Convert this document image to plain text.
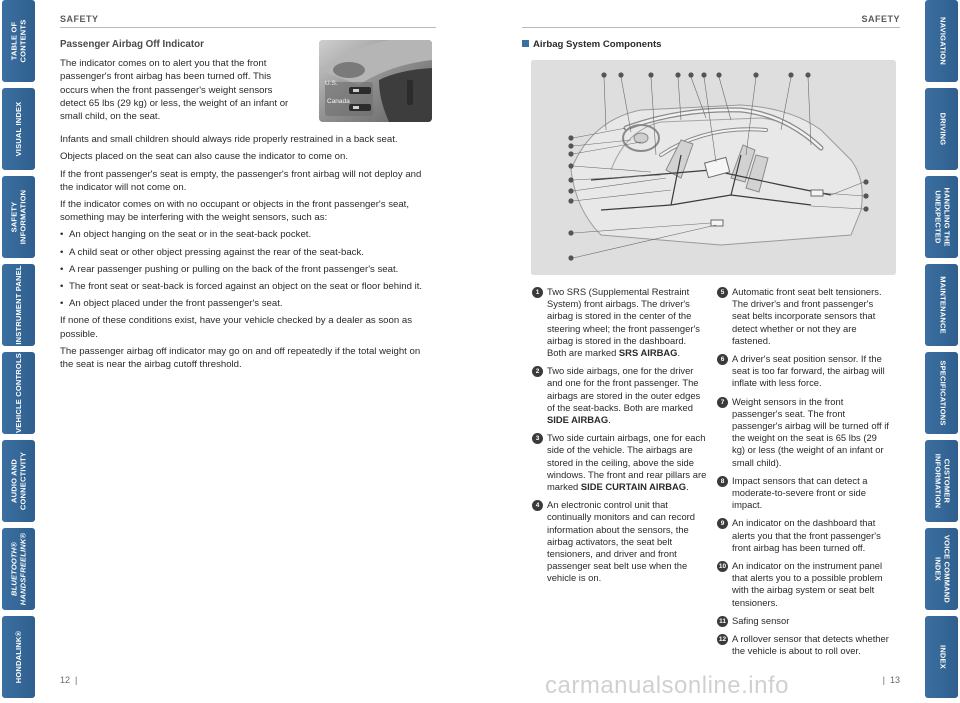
TABLE OF CONTENTS
VISUAL INDEX
SAFETY INFORMATION
INSTRUMENT PANEL
VEHICLE CONTROLS
AUDIO AND CONNECTIVITY
BLUETOOTH® HANDSFREELINK®
HONDALINK®
NAVIGATION
DRIVING
HANDLING THE UNEXPECTED
MAINTENANCE
SPECIFICATIONS
CUSTOMER INFORMATION
VOICE COMMAND INDEX
INDEX
SAFETY	SAFETY
Passenger Airbag Off Indicator
The indicator comes on to alert you that the front passenger's front airbag has been turned off. This occurs when the front passenger's weight sensors detect 65 lbs (29 kg) or less, the weight of an infant or small child, on the seat.

Infants and small children should always ride properly restrained in a back seat.

Objects placed on the seat can also cause the indicator to come on.

If the front passenger's seat is empty, the passenger's front airbag will not deploy and the indicator will not come on.

If the indicator comes on with no occupant or objects in the front passenger's seat, something may be interfering with the weight sensors, such as:

• An object hanging on the seat or in the seat-back pocket.
• A child seat or other object pressing against the rear of the seat-back.
• A rear passenger pushing or pulling on the back of the front passenger's seat.
• The front seat or seat-back is forced against an object on the seat or floor behind it.
• An object placed under the front passenger's seat.

If none of these conditions exist, have your vehicle checked by a dealer as soon as possible.

The passenger airbag off indicator may go on and off repeatedly if the total weight on the seat is near the airbag cutoff threshold.

U.S.
Canada
Airbag System Components
1 Two SRS (Supplemental Restraint System) front airbags. The driver's airbag is stored in the center of the steering wheel; the front passenger's airbag is stored in the dashboard. Both are marked SRS AIRBAG.
2 Two side airbags, one for the driver and one for the front passenger. The airbags are stored in the outer edges of the seat-backs. Both are marked SIDE AIRBAG.
3 Two side curtain airbags, one for each side of the vehicle. The airbags are stored in the ceiling, above the side windows. The front and rear pillars are marked SIDE CURTAIN AIRBAG.
4 An electronic control unit that continually monitors and can record information about the sensors, the airbag activators, the seat belt tensioners, and driver and front passenger seat belt use when the vehicle is on.
5 Automatic front seat belt tensioners. The driver's and front passenger's seat belts incorporate sensors that detect whether or not they are fastened.
6 A driver's seat position sensor. If the seat is too far forward, the airbag will inflate with less force.
7 Weight sensors in the front passenger's seat. The front passenger's airbag will be turned off if the weight on the seat is 65 lbs (29 kg) or less (the weight of an infant or small child).
8 Impact sensors that can detect a moderate-to-severe front or side impact.
9 An indicator on the dashboard that alerts you that the front passenger's front airbag has been turned off.
10 An indicator on the instrument panel that alerts you to a possible problem with the airbag system or seat belt tensioners.
11 Safing sensor
12 A rollover sensor that detects whether the vehicle is about to roll over.
12  |	|  13
carmanualsonline.info
